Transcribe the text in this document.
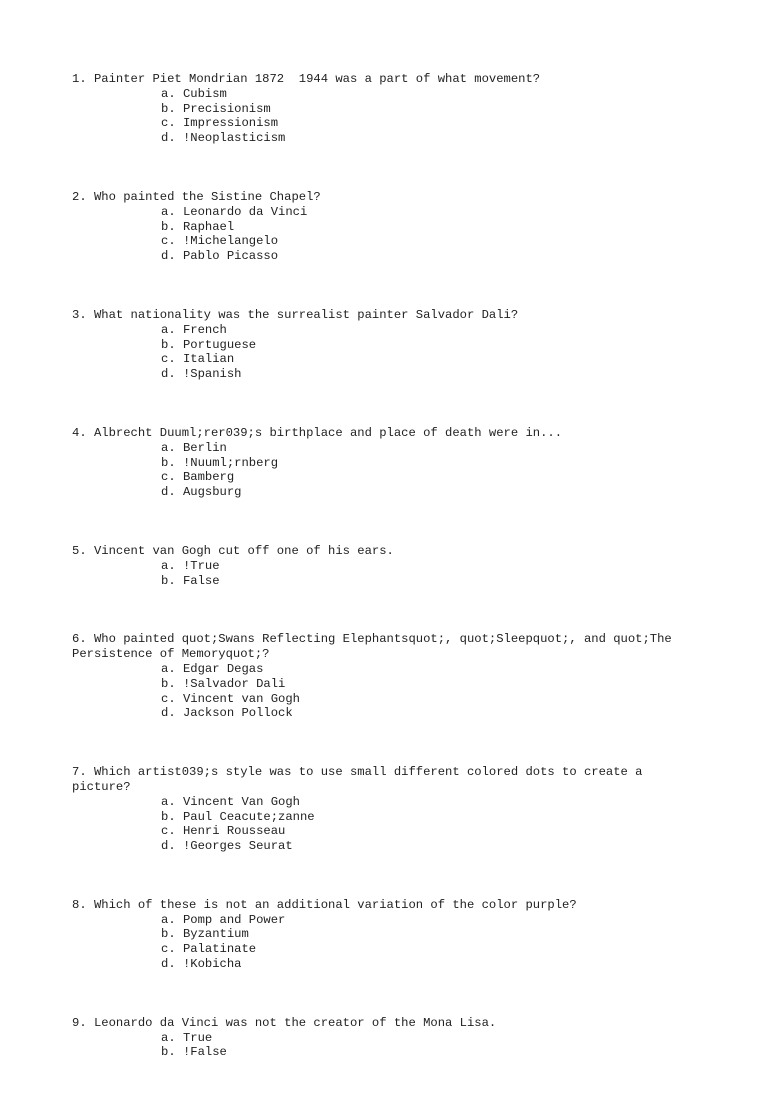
1. Painter Piet Mondrian 1872  1944 was a part of what movement?

a . Cubism

b . Precisionism

c . Impressionism

d . !Neoplasticism

2. Who painted the Sistine Chapel?

a . Leonardo da Vinci

b . Raphael

c . !Michelangelo

d . Pablo Picasso

3. What nationality was the surrealist painter Salvador Dali?

a . French

b . Portuguese

c . Italian

d . !Spanish

4. Albrecht Duuml;rer039;s birthplace and place of death were in...

a . Berlin

b . !Nuuml;rnberg

c . Bamberg

d . Augsburg

5. Vincent van Gogh cut off one of his ears.

a . !True

b . False

6. Who painted quot;Swans Reflecting Elephantsquot;, quot;Sleepquot;, and quot;The Persistence of Memoryquot;?

a . Edgar Degas

b . !Salvador Dali

c . Vincent van Gogh

d . Jackson Pollock

7. Which artist039;s style was to use small different colored dots to create a picture?

a . Vincent Van Gogh

b . Paul Ceacute;zanne

c . Henri Rousseau

d . !Georges Seurat

8. Which of these is not an additional variation of the color purple?

a . Pomp and Power

b . Byzantium

c . Palatinate

d . !Kobicha

9. Leonardo da Vinci was not the creator of the Mona Lisa.

a . True

b . !False
